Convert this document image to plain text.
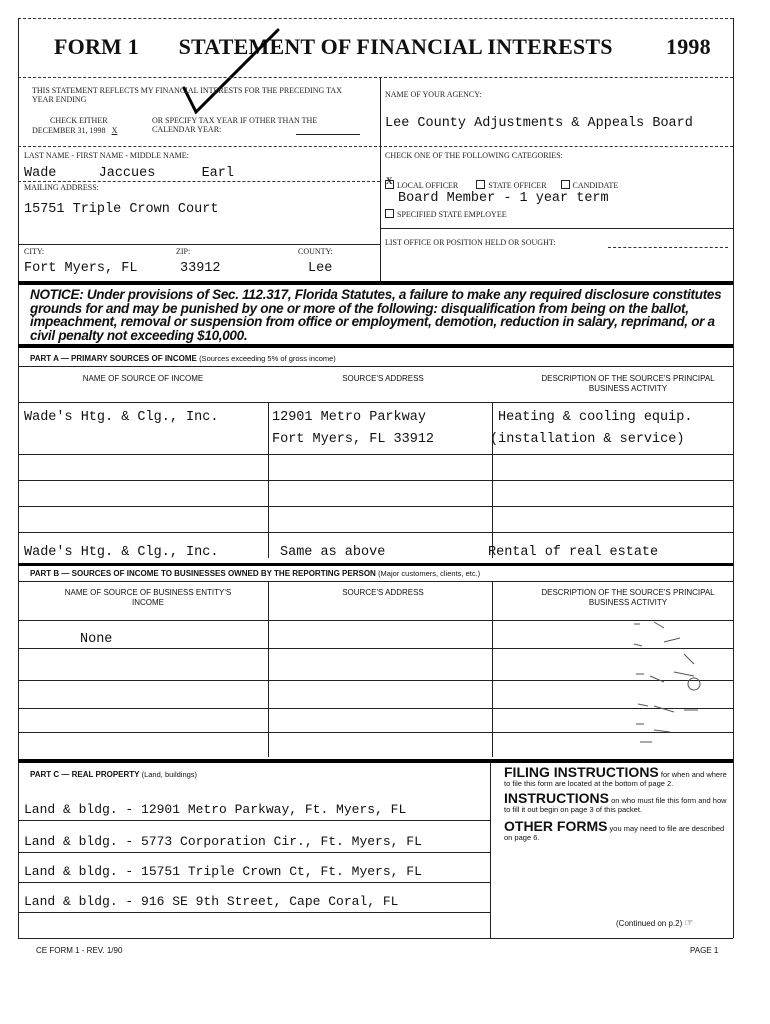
FORM 1 STATEMENT OF FINANCIAL INTERESTS 1998
THIS STATEMENT REFLECTS MY FINANCIAL INTERESTS FOR THE PRECEDING TAX YEAR ENDING
CHECK EITHER
DECEMBER 31, 1998 X
OR SPECIFY TAX YEAR IF OTHER THAN THE CALENDAR YEAR:
NAME OF YOUR AGENCY:
Lee County Adjustments & Appeals Board
LAST NAME - FIRST NAME - MIDDLE NAME:
Wade	Jaccues	Earl
MAILING ADDRESS:
15751 Triple Crown Court
CITY:	ZIP:	COUNTY:
Fort Myers, FL	33912	Lee
CHECK ONE OF THE FOLLOWING CATEGORIES:
XLOCAL OFFICER	STATE OFFICER	CANDIDATE
Board Member - 1 year term
SPECIFIED STATE EMPLOYEE
LIST OFFICE OR POSITION HELD OR SOUGHT:
NOTICE: Under provisions of Sec. 112.317, Florida Statutes, a failure to make any required disclosure constitutes grounds for and may be punished by one or more of the following: disqualification from being on the ballot, impeachment, removal or suspension from office or employment, demotion, reduction in salary, reprimand, or a civil penalty not exceeding $10,000.
PART A — PRIMARY SOURCES OF INCOME (Sources exceeding 5% of gross income)
NAME OF SOURCE OF INCOME	SOURCE'S ADDRESS	DESCRIPTION OF THE SOURCE'S PRINCIPAL BUSINESS ACTIVITY
Wade's Htg. & Clg., Inc.	12901 Metro Parkway	Heating & cooling equip.
Fort Myers, FL 33912	(installation & service)
Wade's Htg. & Clg., Inc.	Same as above	Rental of real estate
PART B — SOURCES OF INCOME TO BUSINESSES OWNED BY THE REPORTING PERSON (Major customers, clients, etc.)
NAME OF SOURCE OF BUSINESS ENTITY'S INCOME
SOURCE'S ADDRESS	DESCRIPTION OF THE SOURCE'S PRINCIPAL BUSINESS ACTIVITY
None
PART C — REAL PROPERTY (Land, buildings)
Land & bldg. - 12901 Metro Parkway, Ft. Myers, FL
Land & bldg. - 5773 Corporation Cir., Ft. Myers, FL
Land & bldg. - 15751 Triple Crown Ct, Ft. Myers, FL
Land & bldg. - 916 SE 9th Street, Cape Coral, FL
FILING INSTRUCTIONS for when and where to file this form are located at the bottom of page 2.
INSTRUCTIONS on who must file this form and how to fill it out begin on page 3 of this packet.
OTHER FORMS you may need to file are described on page 6.
(Continued on p.2) ☞
CE FORM 1 - REV. 1/90	PAGE 1
